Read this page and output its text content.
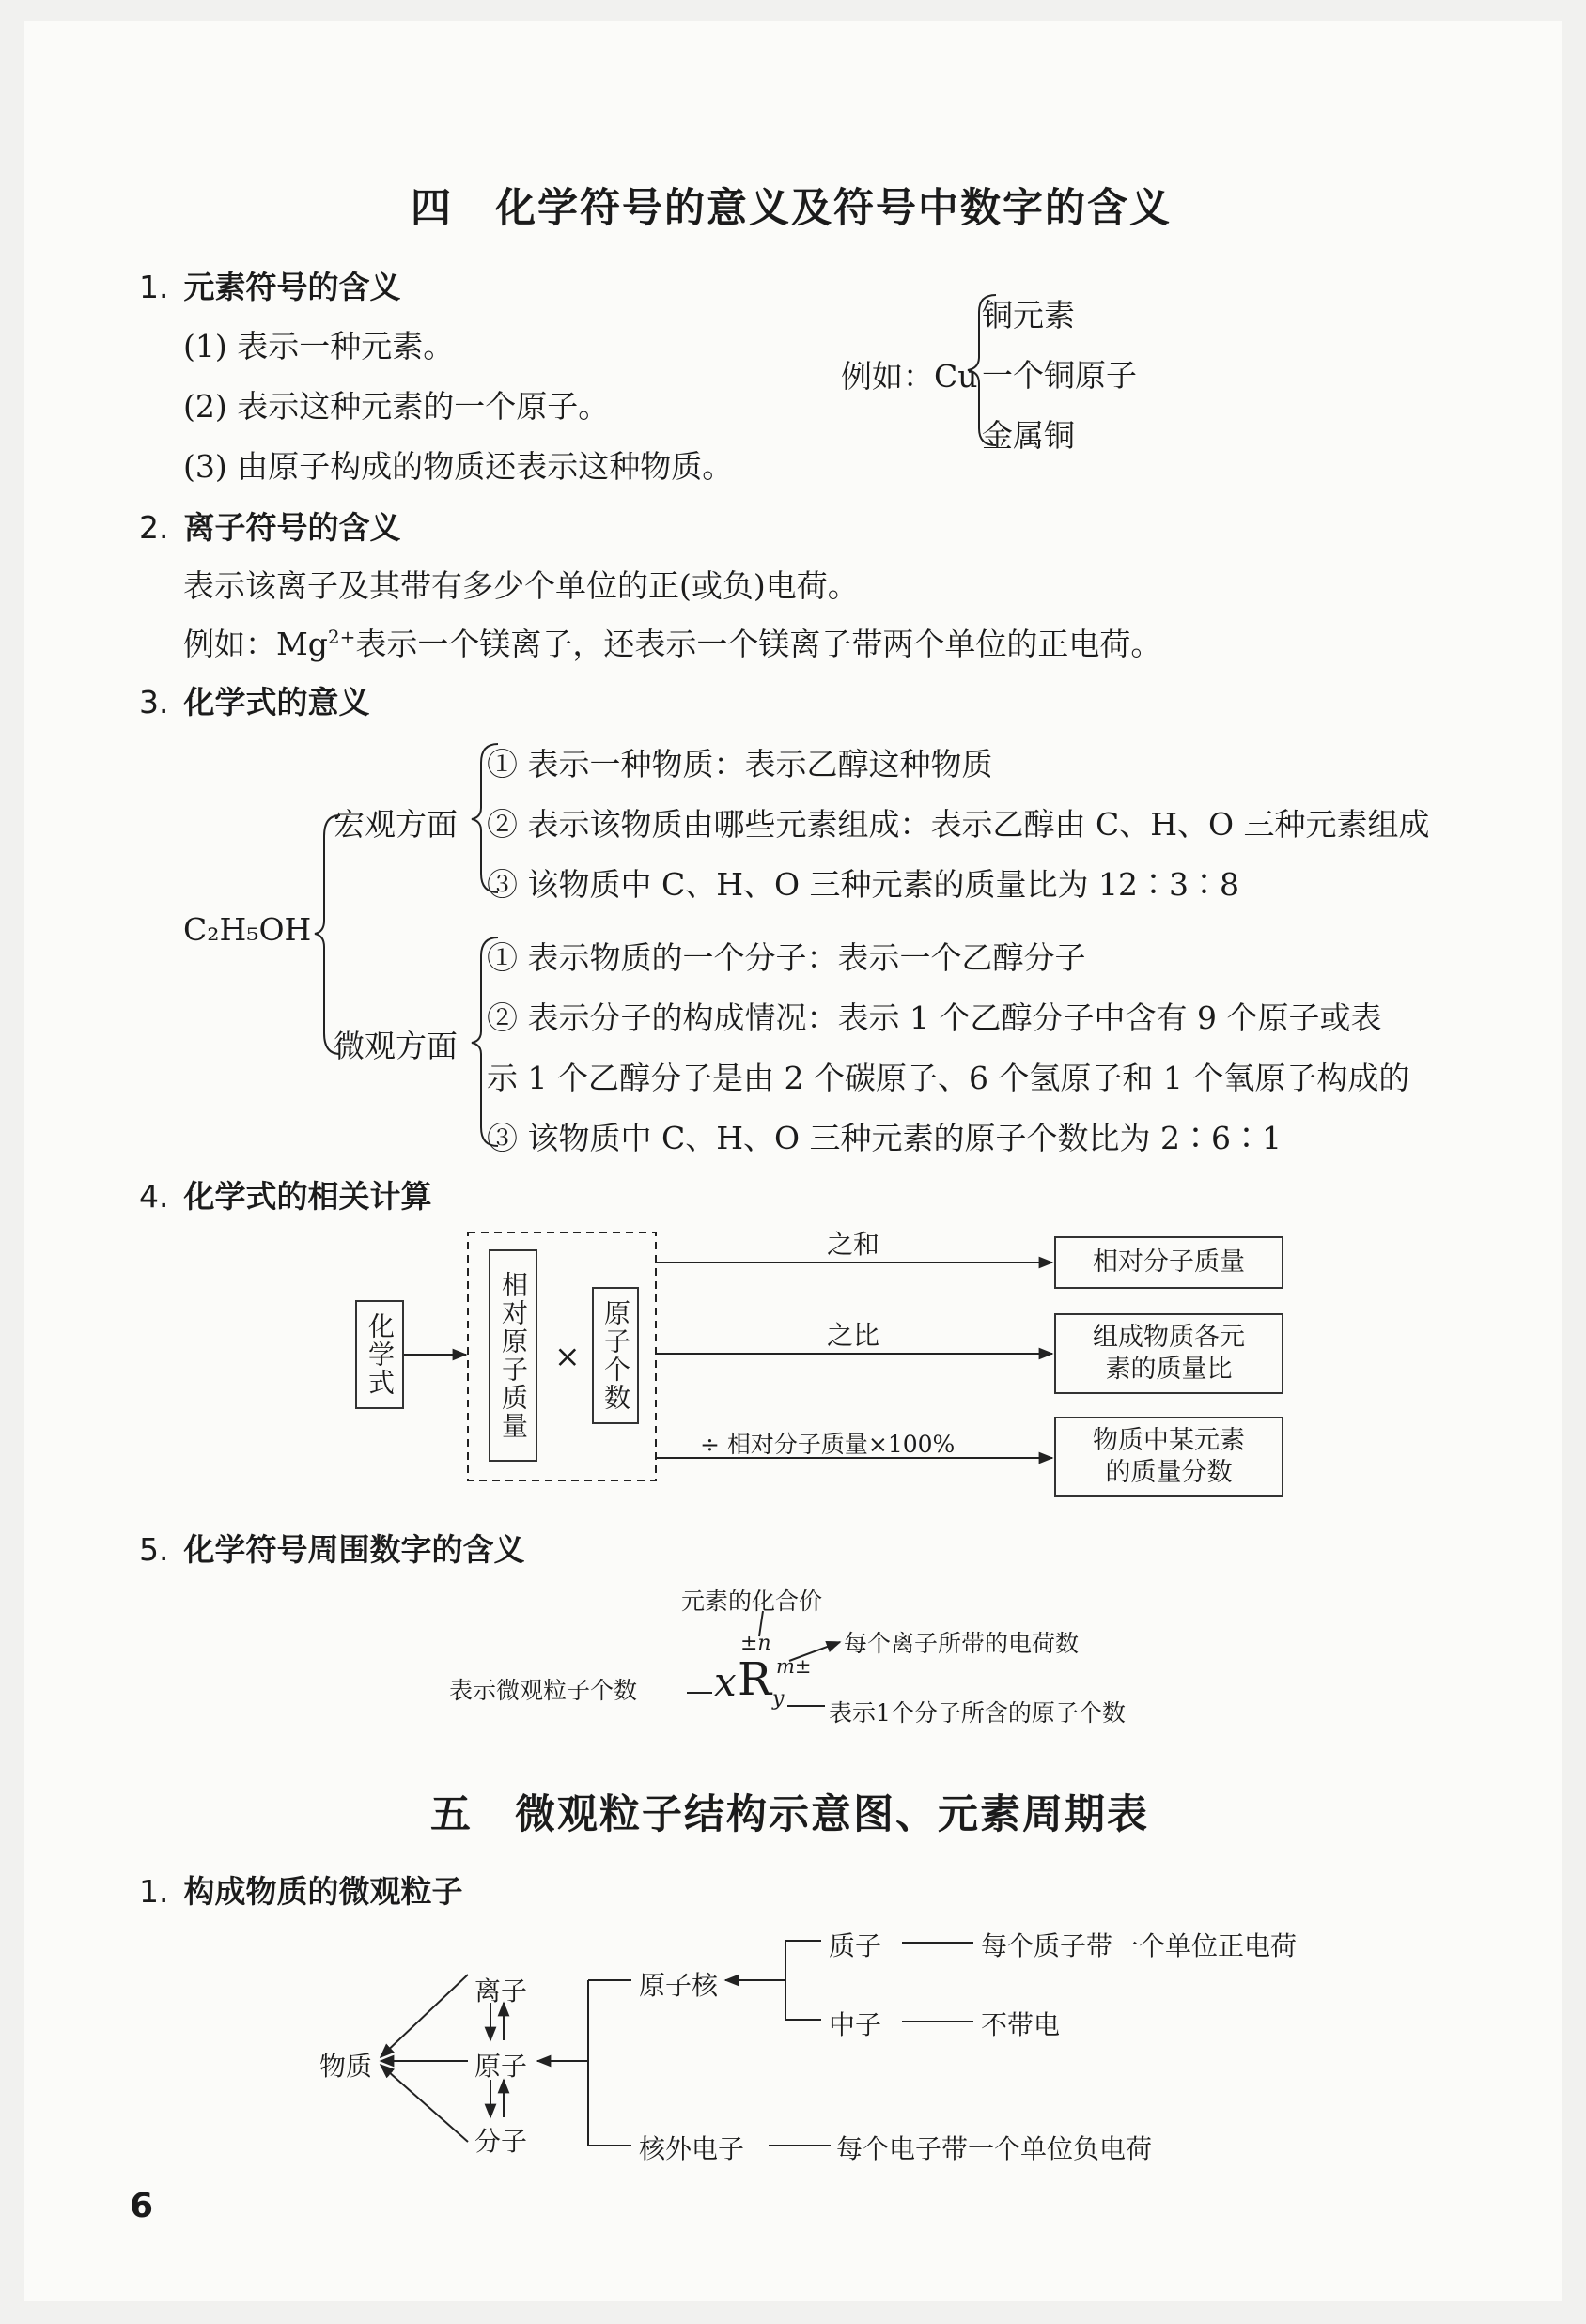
四　化学符号的意义及符号中数字的含义
1. 元素符号的含义
(1) 表示一种元素。
(2) 表示这种元素的一个原子。
(3) 由原子构成的物质还表示这种物质。
例如：Cu
铜元素
一个铜原子
金属铜
2. 离子符号的含义
表示该离子及其带有多少个单位的正(或负)电荷。
例如：$Mg^{2+}$表示一个镁离子，还表示一个镁离子带两个单位的正电荷。
3. 化学式的意义
C₂H₅OH
宏观方面
微观方面
① 表示一种物质：表示乙醇这种物质
② 表示该物质由哪些元素组成：表示乙醇由 C、H、O 三种元素组成
③ 该物质中 C、H、O 三种元素的质量比为 12∶3∶8
① 表示物质的一个分子：表示一个乙醇分子
② 表示分子的构成情况：表示 1 个乙醇分子中含有 9 个原子或表
示 1 个乙醇分子是由 2 个碳原子、6 个氢原子和 1 个氧原子构成的
③ 该物质中 C、H、O 三种元素的原子个数比为 2∶6∶1
4. 化学式的相关计算
化学式	相对原子质量 × 原子个数
之和
之比
÷ 相对分子质量×100%
相对分子质量
组成物质各元
素的质量比
物质中某元素
的质量分数
5. 化学符号周围数字的含义
元素的化合价
±n	每个离子所带的电荷数
m±
表示微观粒子个数 x R y
表示1个分子所含的原子个数
五　微观粒子结构示意图、元素周期表
1. 构成物质的微观粒子
物质
离子
原子
分子
原子核
核外电子
质子
中子
每个质子带一个单位正电荷
不带电
每个电子带一个单位负电荷
6
